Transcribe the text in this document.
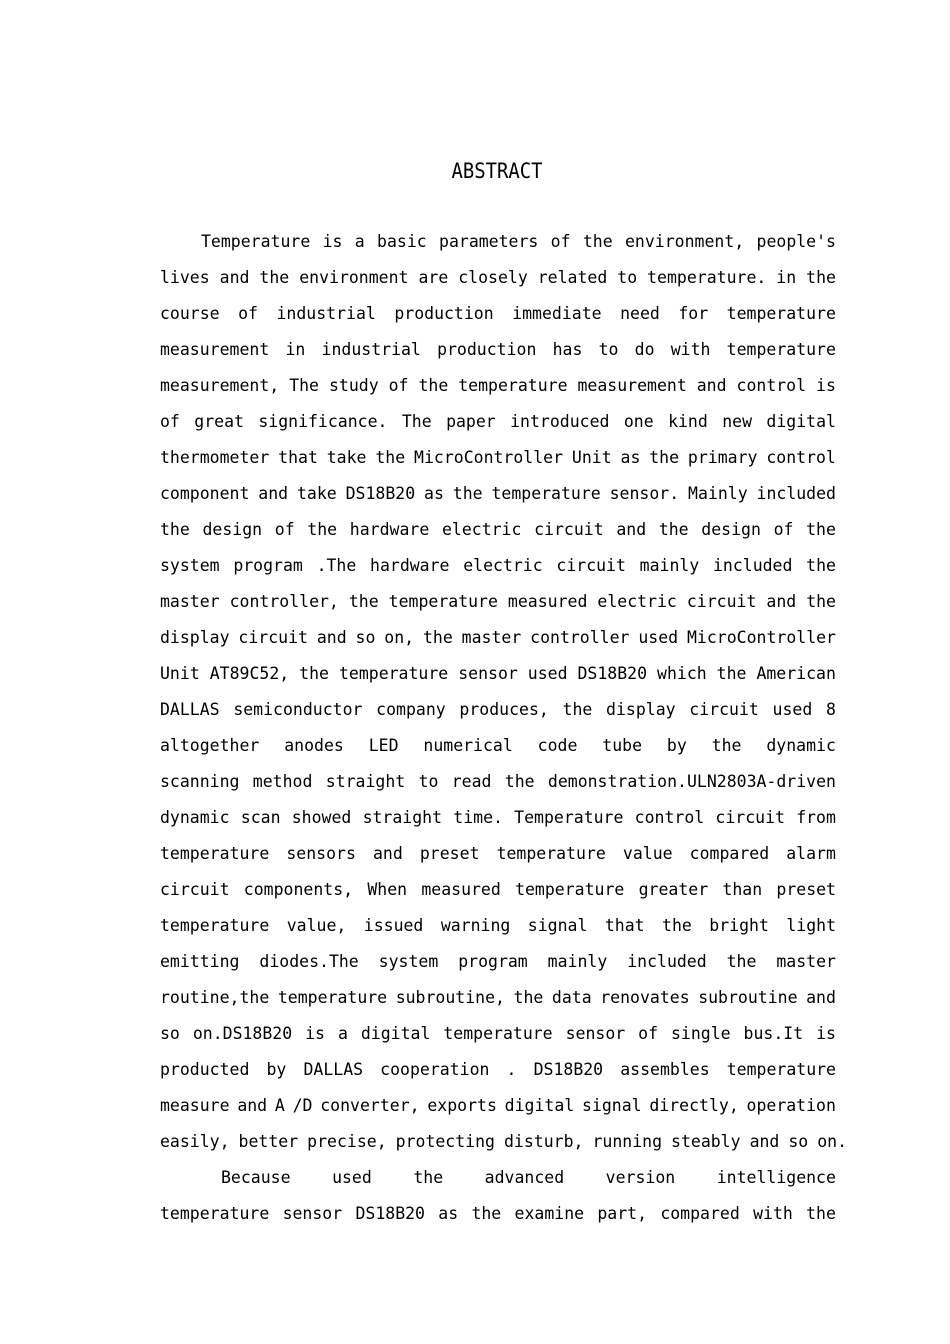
ABSTRACT
Temperature is a basic parameters of the environment, people's
lives and the environment are closely related to temperature. in the
course of industrial production immediate need for temperature
measurement in industrial production has to do with temperature
measurement, The study of the temperature measurement and control is
of great significance. The paper introduced one kind new digital
thermometer that take the MicroController Unit as the primary control
component and take DS18B20 as the temperature sensor. Mainly included
the design of the hardware electric circuit and the design of the
system program .The hardware electric circuit mainly included the
master controller, the temperature measured electric circuit and the
display circuit and so on, the master controller used MicroController
Unit AT89C52, the temperature sensor used DS18B20 which the American
DALLAS semiconductor company produces, the display circuit used 8
altogether anodes LED numerical code tube by the dynamic
scanning method straight to read the demonstration.ULN2803A-driven
dynamic scan showed straight time. Temperature control circuit from
temperature sensors and preset temperature value compared alarm
circuit components, When measured temperature greater than preset
temperature value, issued warning signal that the bright light
emitting diodes.The system program mainly included the master
routine,the temperature subroutine, the data renovates subroutine and
so on.DS18B20 is a digital temperature sensor of single bus.It is
producted by DALLAS cooperation . DS18B20 assembles temperature
measure and A /D converter, exports digital signal directly, operation
easily, better precise, protecting disturb, running steably and so on.
Because	used	the	advanced	version	intelligence
temperature sensor DS18B20 as the examine part, compared with the
